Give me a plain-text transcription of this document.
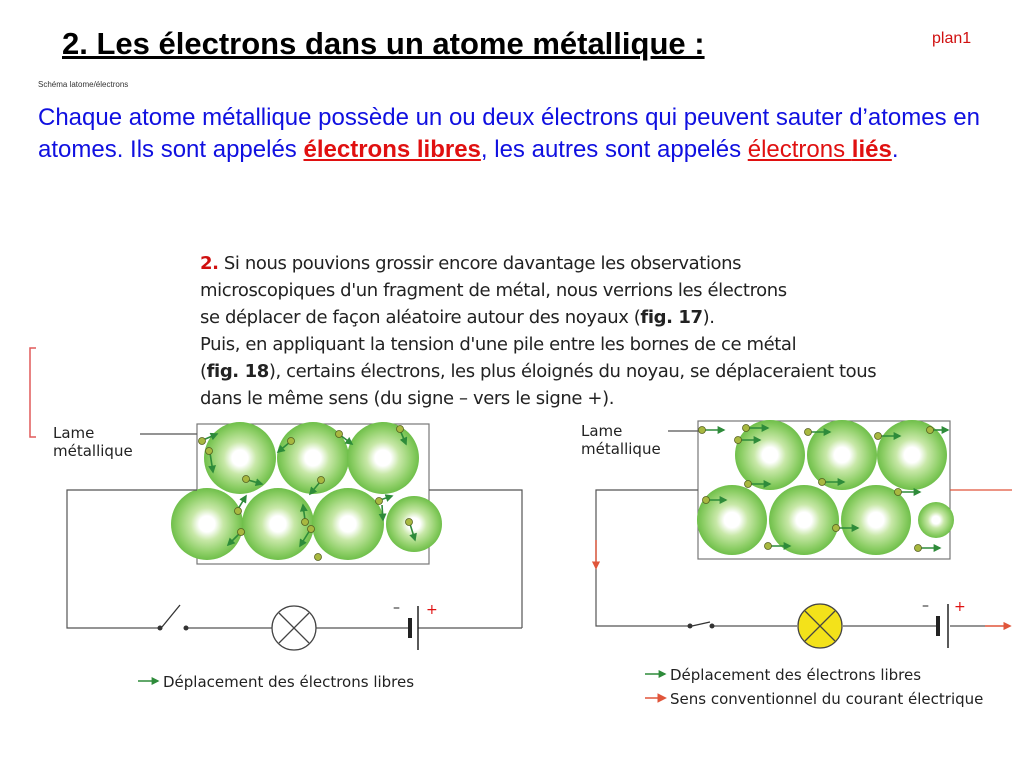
2. Les électrons dans un atome métallique :	plan1
Schéma latome/électrons
Chaque atome métallique possède un ou deux électrons qui peuvent sauter d’atomes en atomes. Ils sont appelés électrons libres, les autres sont appelés électrons liés.
2. Si nous pouvions grossir encore davantage les observations
microscopiques d'un fragment de métal, nous verrions les électrons
se déplacer de façon aléatoire autour des noyaux (fig. 17).
Puis, en appliquant la tension d'une pile entre les bornes de ce métal
(fig. 18), certains électrons, les plus éloignés du noyau, se déplaceraient tous
dans le même sens (du signe – vers le signe +).
– +
Lame
métallique
Déplacement des électrons libres
– +
Lame
métallique
Déplacement des électrons libres
Sens conventionnel du courant électrique
